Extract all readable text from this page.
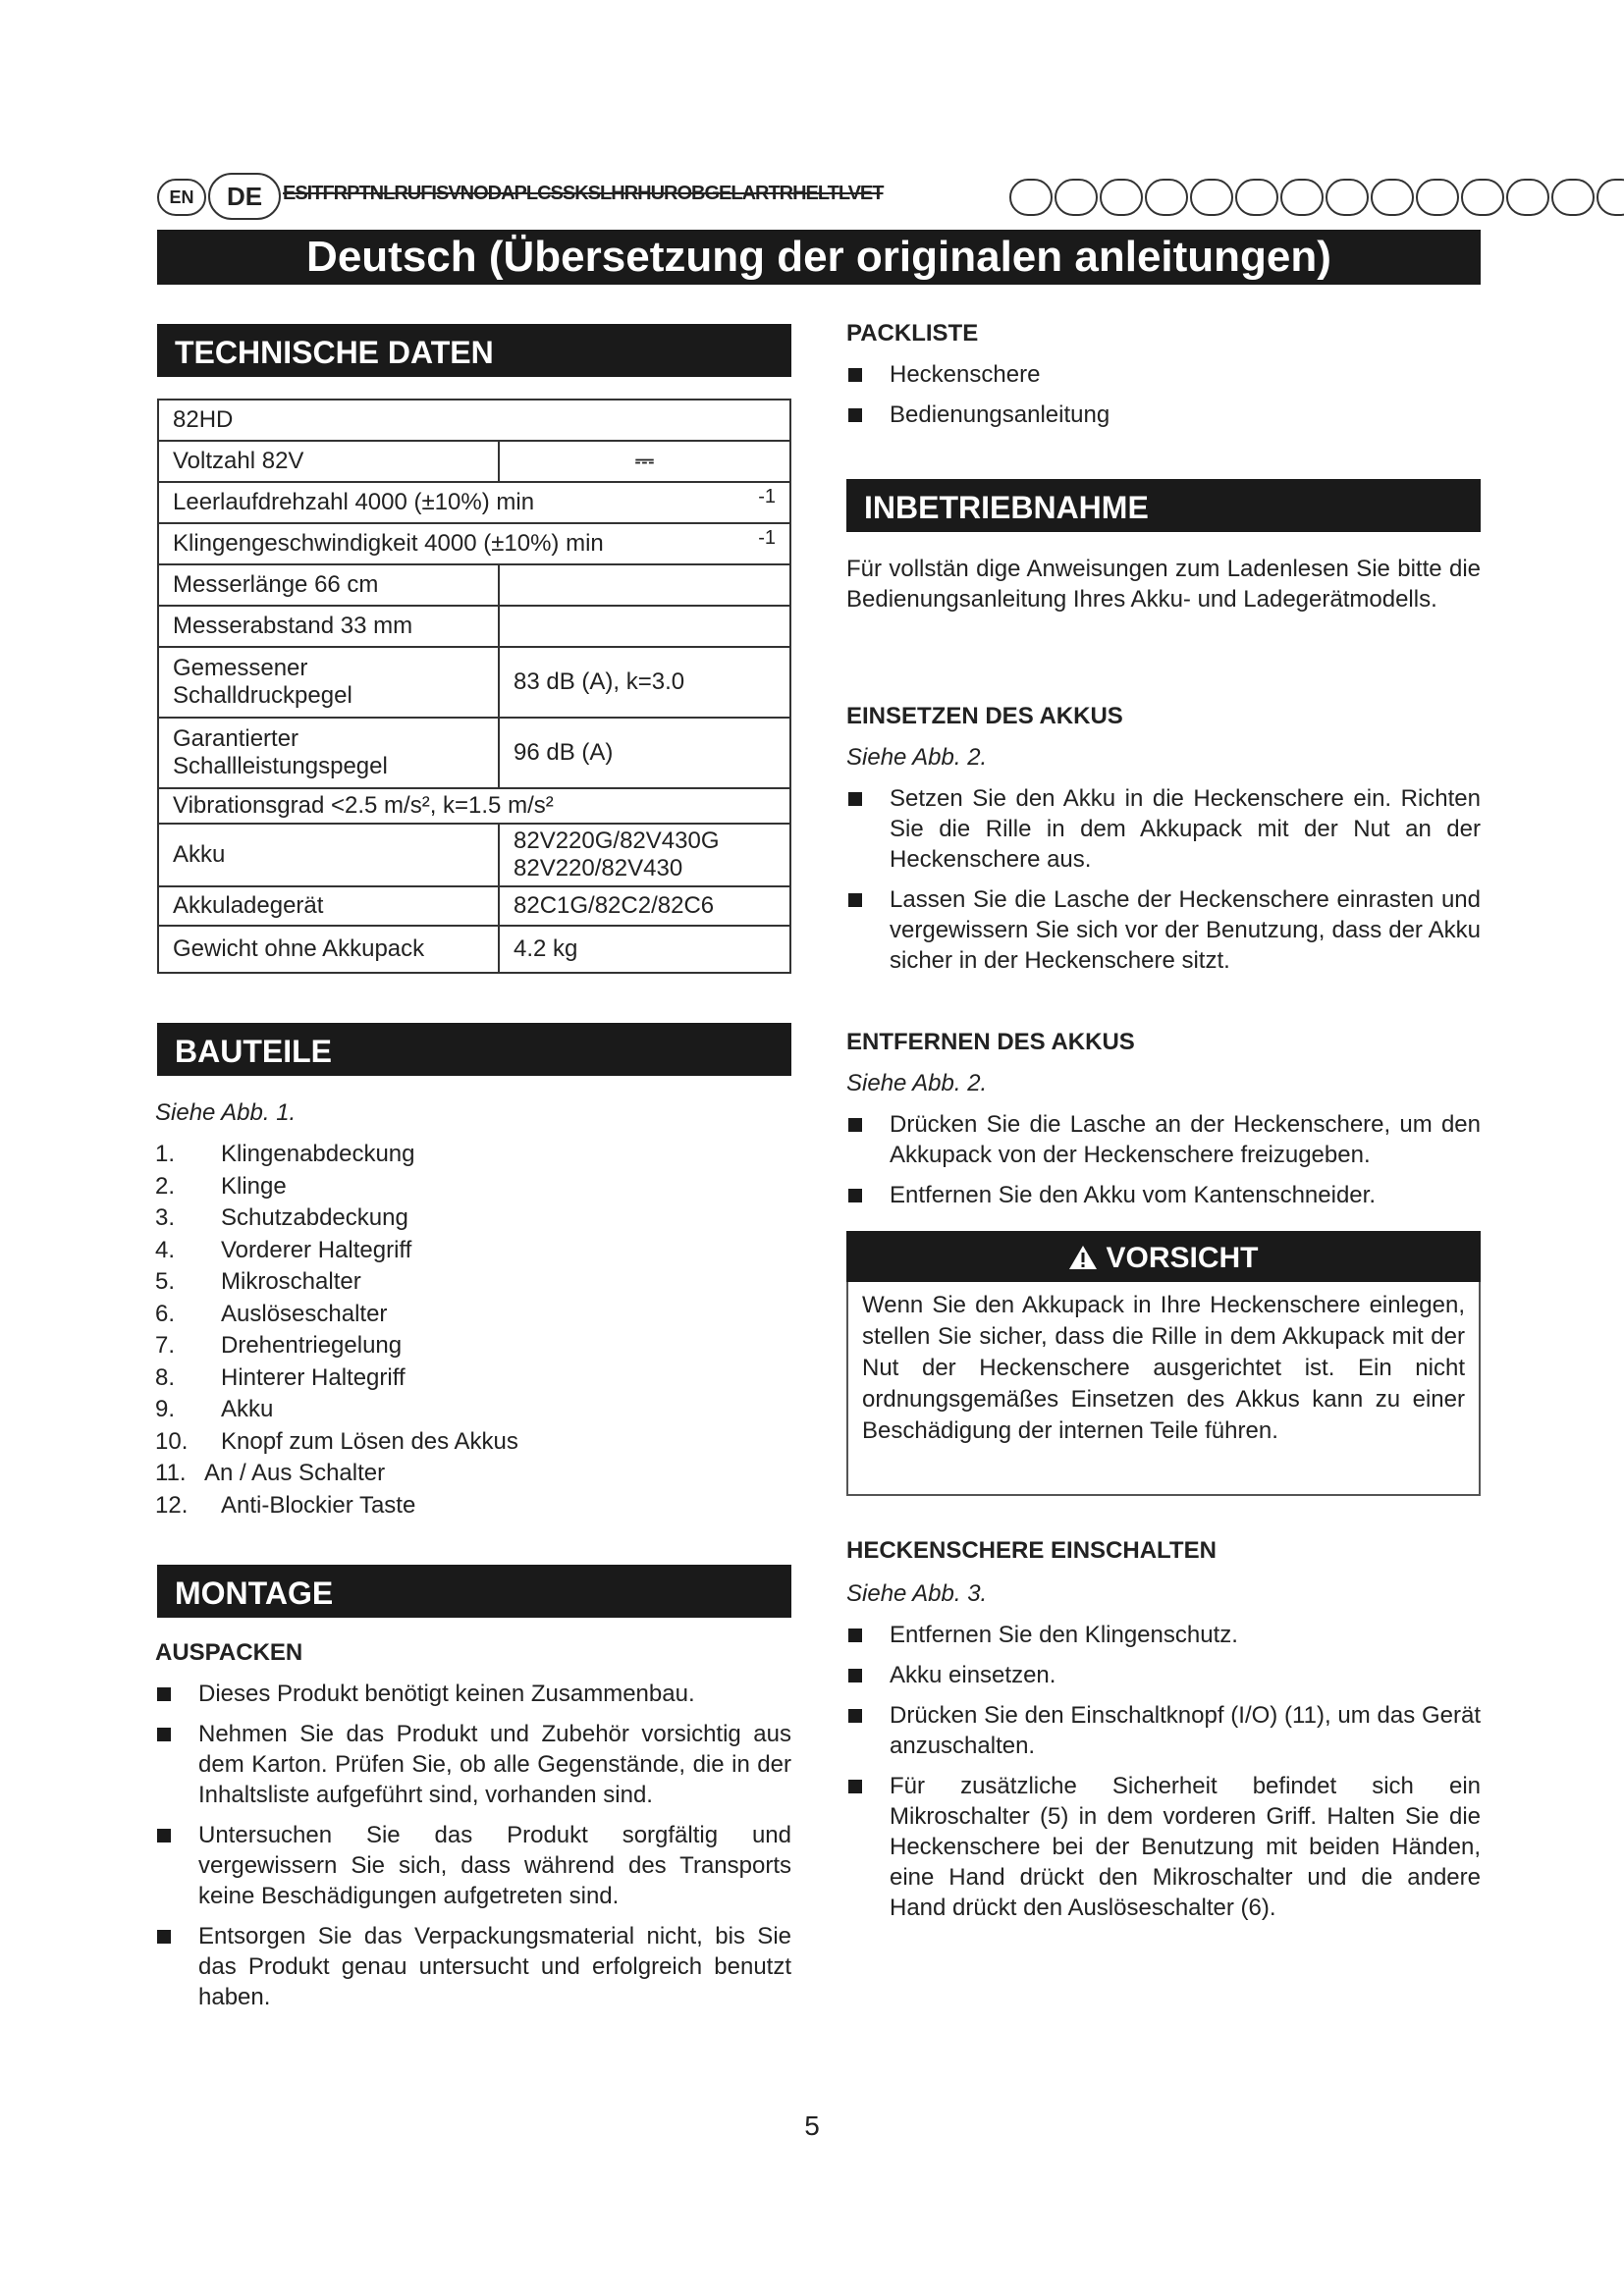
EN	DE	ESITFRPTNLRUFISVNODAPLCSSKSLHRHUROBGELARTRHELTLVET
Deutsch (Übersetzung der originalen anleitungen)
TECHNISCHE DATEN
82HD	
Voltzahl 82V	⎓
Leerlaufdrehzahl 4000 (±10%) min -1	

Klingengeschwindigkeit 4000 (±10%) min -1	

Messerlänge 66 cm	
Messerabstand 33 mm	
Gemessener Schalldruckpegel	83 dB (A), k=3.0
Garantierter Schallleistungspegel	96 dB (A)
Vibrationsgrad <2.5 m/s², k=1.5 m/s²	
Akku	82V220G/82V430G 82V220/82V430
Akkuladegerät	82C1G/82C2/82C6
Gewicht ohne Akkupack	4.2 kg
BAUTEILE
Siehe Abb. 1.
1. Klingenabdeckung
2. Klinge
3. Schutzabdeckung
4. Vorderer Haltegriff
5. Mikroschalter
6. Auslöseschalter
7. Drehentriegelung
8. Hinterer Haltegriff
9. Akku
10. Knopf zum Lösen des Akkus
11. An / Aus Schalter
12. Anti-Blockier Taste
MONTAGE
AUSPACKEN
Dieses Produkt benötigt keinen Zusammenbau.
Nehmen Sie das Produkt und Zubehör vorsichtig aus dem Karton. Prüfen Sie, ob alle Gegenstände, die in der Inhaltsliste aufgeführt sind, vorhanden sind.
Untersuchen Sie das Produkt sorgfältig und vergewissern Sie sich, dass während des Transports keine Beschädigungen aufgetreten sind.
Entsorgen Sie das Verpackungsmaterial nicht, bis Sie das Produkt genau untersucht und erfolgreich benutzt haben.
PACKLISTE
Heckenschere
Bedienungsanleitung
INBETRIEBNAHME
Für vollstän dige Anweisungen zum Ladenlesen Sie bitte die Bedienungsanleitung Ihres Akku- und Ladegerätmodells.
EINSETZEN DES AKKUS
Siehe Abb. 2.
Setzen Sie den Akku in die Heckenschere ein. Richten Sie die Rille in dem Akkupack mit der Nut an der Heckenschere aus.
Lassen Sie die Lasche der Heckenschere einrasten und vergewissern Sie sich vor der Benutzung, dass der Akku sicher in der Heckenschere sitzt.
ENTFERNEN DES AKKUS
Siehe Abb. 2.
Drücken Sie die Lasche an der Heckenschere, um den Akkupack von der Heckenschere freizugeben.
Entfernen Sie den Akku vom Kantenschneider.
VORSICHT
Wenn Sie den Akkupack in Ihre Heckenschere einlegen, stellen Sie sicher, dass die Rille in dem Akkupack mit der Nut der Heckenschere ausgerichtet ist. Ein nicht ordnungsgemäßes Einsetzen des Akkus kann zu einer Beschädigung der internen Teile führen.
HECKENSCHERE EINSCHALTEN
Siehe Abb. 3.
Entfernen Sie den Klingenschutz.
Akku einsetzen.
Drücken Sie den Einschaltknopf (I/O) (11), um das Gerät anzuschalten.
Für zusätzliche Sicherheit befindet sich ein Mikroschalter (5) in dem vorderen Griff. Halten Sie die Heckenschere bei der Benutzung mit beiden Händen, eine Hand drückt den Mikroschalter und die andere Hand drückt den Auslöseschalter (6).
5
